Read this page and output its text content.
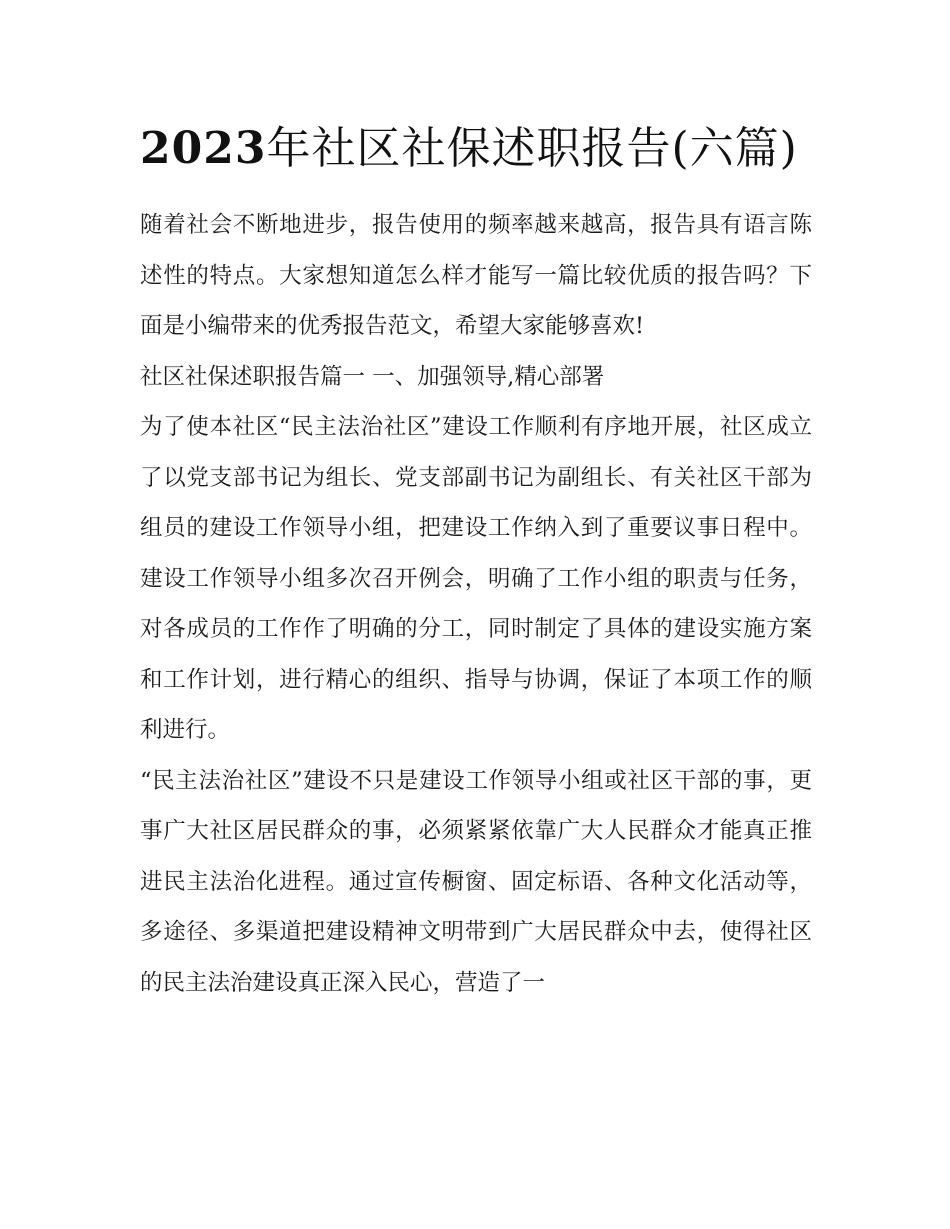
2023年社区社保述职报告(六篇)

随着社会不断地进步，报告使用的频率越来越高，报告具有语言陈述性的特点。大家想知道怎么样才能写一篇比较优质的报告吗？下面是小编带来的优秀报告范文，希望大家能够喜欢!

社区社保述职报告篇一 一、加强领导,精心部署

为了使本社区“民主法治社区”建设工作顺利有序地开展，社区成立了以党支部书记为组长、党支部副书记为副组长、有关社区干部为组员的建设工作领导小组，把建设工作纳入到了重要议事日程中。建设工作领导小组多次召开例会，明确了工作小组的职责与任务，对各成员的工作作了明确的分工，同时制定了具体的建设实施方案和工作计划，进行精心的组织、指导与协调，保证了本项工作的顺利进行。

“民主法治社区”建设不只是建设工作领导小组或社区干部的事，更事广大社区居民群众的事，必须紧紧依靠广大人民群众才能真正推进民主法治化进程。通过宣传橱窗、固定标语、各种文化活动等，多途径、多渠道把建设精神文明带到广大居民群众中去，使得社区的民主法治建设真正深入民心，营造了一
